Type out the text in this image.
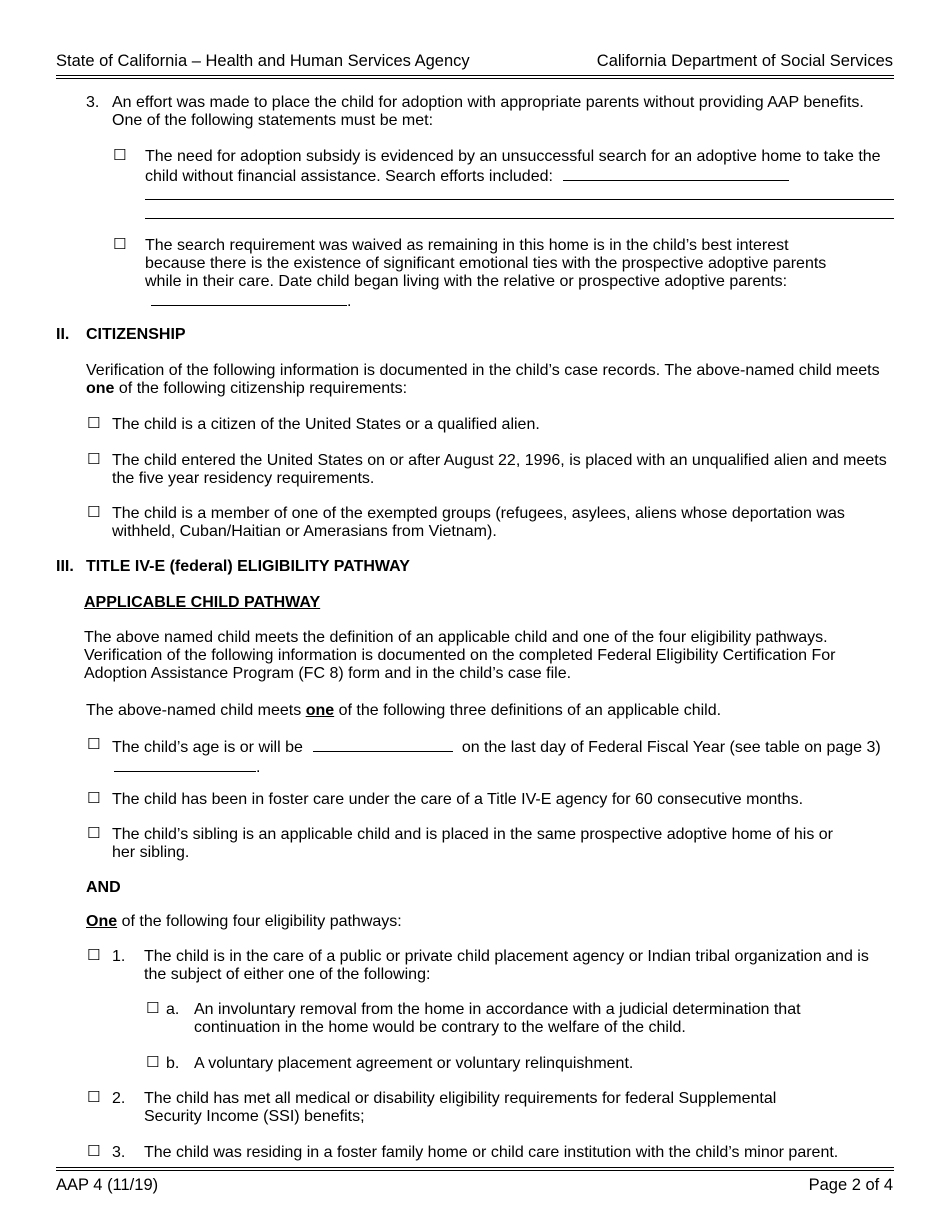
State of California – Health and Human Services Agency	California Department of Social Services
3. An effort was made to place the child for adoption with appropriate parents without providing AAP benefits. One of the following statements must be met:
☐ The need for adoption subsidy is evidenced by an unsuccessful search for an adoptive home to take the child without financial assistance. Search efforts included:
☐ The search requirement was waived as remaining in this home is in the child’s best interest because there is the existence of significant emotional ties with the prospective adoptive parents while in their care. Date child began living with the relative or prospective adoptive parents: .
II. CITIZENSHIP
Verification of the following information is documented in the child’s case records. The above-named child meets one of the following citizenship requirements:
☐ The child is a citizen of the United States or a qualified alien.
☐ The child entered the United States on or after August 22, 1996, is placed with an unqualified alien and meets the five year residency requirements.
☐ The child is a member of one of the exempted groups (refugees, asylees, aliens whose deportation was withheld, Cuban/Haitian or Amerasians from Vietnam).
III. TITLE IV-E (federal) ELIGIBILITY PATHWAY
APPLICABLE CHILD PATHWAY
The above named child meets the definition of an applicable child and one of the four eligibility pathways. Verification of the following information is documented on the completed Federal Eligibility Certification For Adoption Assistance Program (FC 8) form and in the child’s case file.
The above-named child meets one of the following three definitions of an applicable child.
☐ The child’s age is or will be	on the last day of Federal Fiscal Year (see table on page 3) .
☐ The child has been in foster care under the care of a Title IV-E agency for 60 consecutive months.
☐ The child’s sibling is an applicable child and is placed in the same prospective adoptive home of his or her sibling.
AND
One of the following four eligibility pathways:
☐ 1. The child is in the care of a public or private child placement agency or Indian tribal organization and is the subject of either one of the following:
☐ a. An involuntary removal from the home in accordance with a judicial determination that continuation in the home would be contrary to the welfare of the child.
☐ b. A voluntary placement agreement or voluntary relinquishment.
☐ 2. The child has met all medical or disability eligibility requirements for federal Supplemental Security Income (SSI) benefits;
☐ 3. The child was residing in a foster family home or child care institution with the child’s minor parent.
AAP 4 (11/19)	Page 2 of 4
